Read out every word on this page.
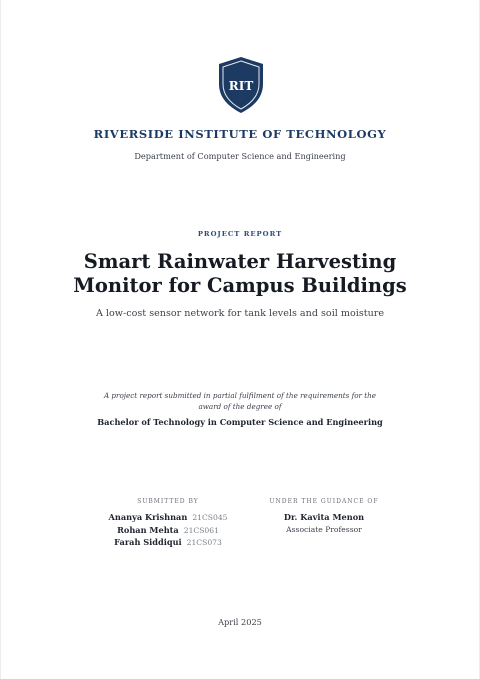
RIT
RIVERSIDE INSTITUTE OF TECHNOLOGY
Department of Computer Science and Engineering
PROJECT REPORT
Smart Rainwater Harvesting
Monitor for Campus Buildings
A low-cost sensor network for tank levels and soil moisture
A project report submitted in partial fulfilment of the requirements for the
award of the degree of
Bachelor of Technology in Computer Science and Engineering
SUBMITTED BY
Ananya Krishnan 21CS045
Rohan Mehta 21CS061
Farah Siddiqui 21CS073
UNDER THE GUIDANCE OF
Dr. Kavita Menon
Associate Professor
April 2025
